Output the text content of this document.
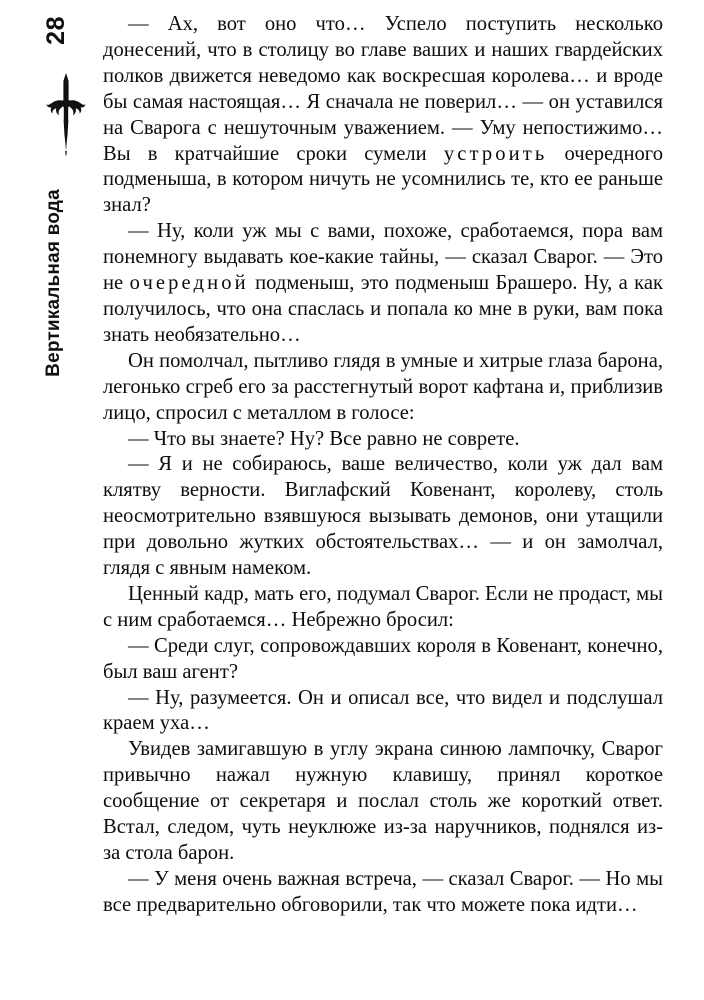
28
Вертикальная вода

— Ах, вот оно что… Успело поступить несколько донесений, что в столицу во главе ваших и наших гвардейских полков движется неведомо как воскресшая королева… и вроде бы самая настоящая… Я сначала не поверил… — он уставился на Сварога с нешуточным уважением. — Уму непостижимо… Вы в кратчайшие сроки сумели устроить очередного подменыша, в котором ничуть не усомнились те, кто ее раньше знал?

— Ну, коли уж мы с вами, похоже, сработаемся, пора вам понемногу выдавать кое-какие тайны, — сказал Сварог. — Это не очередной подменыш, это подменыш Брашеро. Ну, а как получилось, что она спаслась и попала ко мне в руки, вам пока знать необязательно…

Он помолчал, пытливо глядя в умные и хитрые глаза барона, легонько сгреб его за расстегнутый ворот кафтана и, приблизив лицо, спросил с металлом в голосе:

— Что вы знаете? Ну? Все равно не соврете.

— Я и не собираюсь, ваше величество, коли уж дал вам клятву верности. Виглафский Ковенант, королеву, столь неосмотрительно взявшуюся вызывать демонов, они утащили при довольно жутких обстоятельствах… — и он замолчал, глядя с явным намеком.

Ценный кадр, мать его, подумал Сварог. Если не продаст, мы с ним сработаемся… Небрежно бросил:

— Среди слуг, сопровождавших короля в Ковенант, конечно, был ваш агент?

— Ну, разумеется. Он и описал все, что видел и подслушал краем уха…

Увидев замигавшую в углу экрана синюю лампочку, Сварог привычно нажал нужную клавишу, принял короткое сообщение от секретаря и послал столь же короткий ответ. Встал, следом, чуть неуклюже из-за наручников, поднялся из-за стола барон.

— У меня очень важная встреча, — сказал Сварог. — Но мы все предварительно обговорили, так что можете пока идти…
